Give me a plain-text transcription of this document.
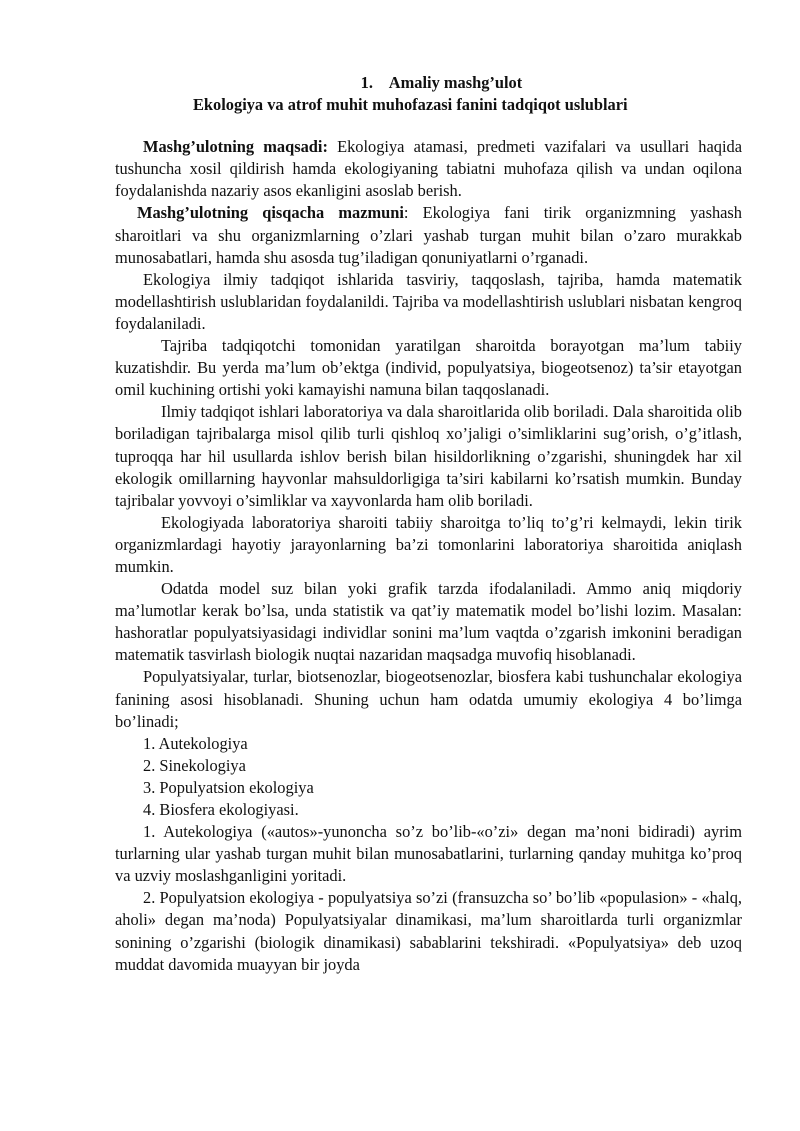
1. Amaliy mashg’ulot
Ekologiya va atrof muhit muhofazasi fanini tadqiqot uslublari

Mashg’ulotning maqsadi: Ekologiya atamasi, predmeti vazifalari va usullari haqida tushuncha xosil qildirish hamda ekologiyaning tabiatni muhofaza qilish va undan oqilona foydalanishda nazariy asos ekanligini asoslab berish.

Mashg’ulotning qisqacha mazmuni: Ekologiya fani tirik organizmning yashash sharoitlari va shu organizmlarning o’zlari yashab turgan muhit bilan o’zaro murakkab munosabatlari, hamda shu asosda tug’iladigan qonuniyatlarni o’rganadi.

Ekologiya ilmiy tadqiqot ishlarida tasviriy, taqqoslash, tajriba, hamda matematik modellashtirish uslublaridan foydalanildi. Tajriba va modellashtirish uslublari nisbatan kengroq foydalaniladi.

Tajriba tadqiqotchi tomonidan yaratilgan sharoitda borayotgan ma’lum tabiiy kuzatishdir. Bu yerda ma’lum ob’ektga (individ, populyatsiya, biogeotsenoz) ta’sir etayotgan omil kuchining ortishi yoki kamayishi namuna bilan taqqoslanadi.

Ilmiy tadqiqot ishlari laboratoriya va dala sharoitlarida olib boriladi. Dala sharoitida olib boriladigan tajribalarga misol qilib turli qishloq xo’jaligi o’simliklarini sug’orish, o’g’itlash, tuproqqa har hil usullarda ishlov berish bilan hisildorlikning o’zgarishi, shuningdek har xil ekologik omillarning hayvonlar mahsuldorligiga ta’siri kabilarni ko’rsatish mumkin. Bunday tajribalar yovvoyi o’simliklar va xayvonlarda ham olib boriladi.

Ekologiyada laboratoriya sharoiti tabiiy sharoitga to’liq to’g’ri kelmaydi, lekin tirik organizmlardagi hayotiy jarayonlarning ba’zi tomonlarini laboratoriya sharoitida aniqlash mumkin.

Odatda model suz bilan yoki grafik tarzda ifodalaniladi. Ammo aniq miqdoriy ma’lumotlar kerak bo’lsa, unda statistik va qat’iy matematik model bo’lishi lozim. Masalan: hashoratlar populyatsiyasidagi individlar sonini ma’lum vaqtda o’zgarish imkonini beradigan matematik tasvirlash biologik nuqtai nazaridan maqsadga muvofiq hisoblanadi.

Populyatsiyalar, turlar, biotsenozlar, biogeotsenozlar, biosfera kabi tushunchalar ekologiya fanining asosi hisoblanadi. Shuning uchun ham odatda umumiy ekologiya 4 bo’limga bo’linadi;

1. Autekologiya
2. Sinekologiya
3. Populyatsion ekologiya
4. Biosfera ekologiyasi.

1. Autekologiya («autos»-yunoncha so’z bo’lib-«o’zi» degan ma’noni bidiradi) ayrim turlarning ular yashab turgan muhit bilan munosabatlarini, turlarning qanday muhitga ko’proq va uzviy moslashganligini yoritadi.

2. Populyatsion ekologiya - populyatsiya so’zi (fransuzcha so’ bo’lib «populasion» - «halq, aholi» degan ma’noda) Populyatsiyalar dinamikasi, ma’lum sharoitlarda turli organizmlar sonining o’zgarishi (biologik dinamikasi) sabablarini tekshiradi. «Populyatsiya» deb uzoq muddat davomida muayyan bir joyda
